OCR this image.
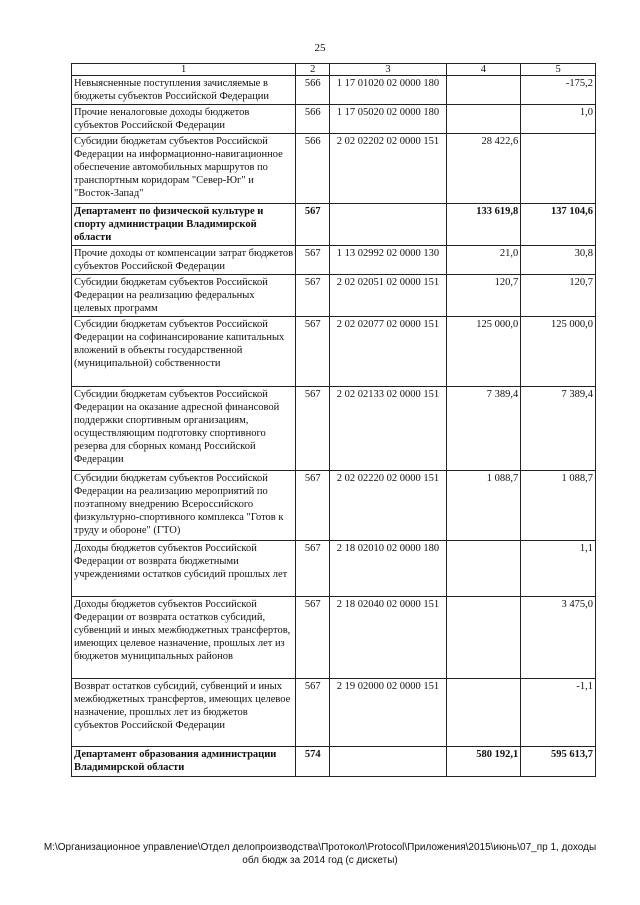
25
1	2	3	4	5
Невыясненные поступления зачисляемые в бюджеты субъектов Российской Федерации	566	1 17 01020 02 0000 180		-175,2
Прочие неналоговые доходы бюджетов субъектов Российской Федерации	566	1 17 05020 02 0000 180		1,0
Субсидии бюджетам субъектов Российской Федерации на информационно-навигационное обеспечение автомобильных маршрутов по транспортным коридорам "Север-Юг" и "Восток-Запад"	566	2 02 02202 02 0000 151	28 422,6	
Департамент по физической культуре и спорту администрации Владимирской области	567		133 619,8	137 104,6
Прочие доходы от компенсации затрат бюджетов субъектов Российской Федерации	567	1 13 02992 02 0000 130	21,0	30,8
Субсидии бюджетам субъектов Российской Федерации на реализацию федеральных целевых программ	567	2 02 02051 02 0000 151	120,7	120,7
Субсидии бюджетам субъектов Российской Федерации на софинансирование капитальных вложений в объекты государственной (муниципальной) собственности	567	2 02 02077 02 0000 151	125 000,0	125 000,0
Субсидии бюджетам субъектов Российской Федерации на оказание адресной финансовой поддержки спортивным организациям, осуществляющим подготовку спортивного резерва для сборных команд Российской Федерации	567	2 02 02133 02 0000 151	7 389,4	7 389,4
Субсидии бюджетам субъектов Российской Федерации на реализацию мероприятий по поэтапному внедрению Всероссийского физкультурно-спортивного комплекса "Готов к труду и обороне" (ГТО)	567	2 02 02220 02 0000 151	1 088,7	1 088,7
Доходы бюджетов субъектов Российской Федерации от возврата бюджетными учреждениями остатков субсидий прошлых лет	567	2 18 02010 02 0000 180		1,1
Доходы бюджетов субъектов Российской Федерации от возврата остатков субсидий, субвенций и иных межбюджетных трансфертов, имеющих целевое назначение, прошлых лет из бюджетов муниципальных районов	567	2 18 02040 02 0000 151		3 475,0
Возврат остатков субсидий, субвенций и иных межбюджетных трансфертов, имеющих целевое назначение, прошлых лет из бюджетов субъектов Российской Федерации	567	2 19 02000 02 0000 151		-1,1
Департамент образования администрации Владимирской области	574		580 192,1	595 613,7
M:\Организационное управление\Отдел делопроизводства\Протокол\Protocol\Приложения\2015\июнь\07_пр 1, доходы обл бюдж за 2014 год (с дискеты)
